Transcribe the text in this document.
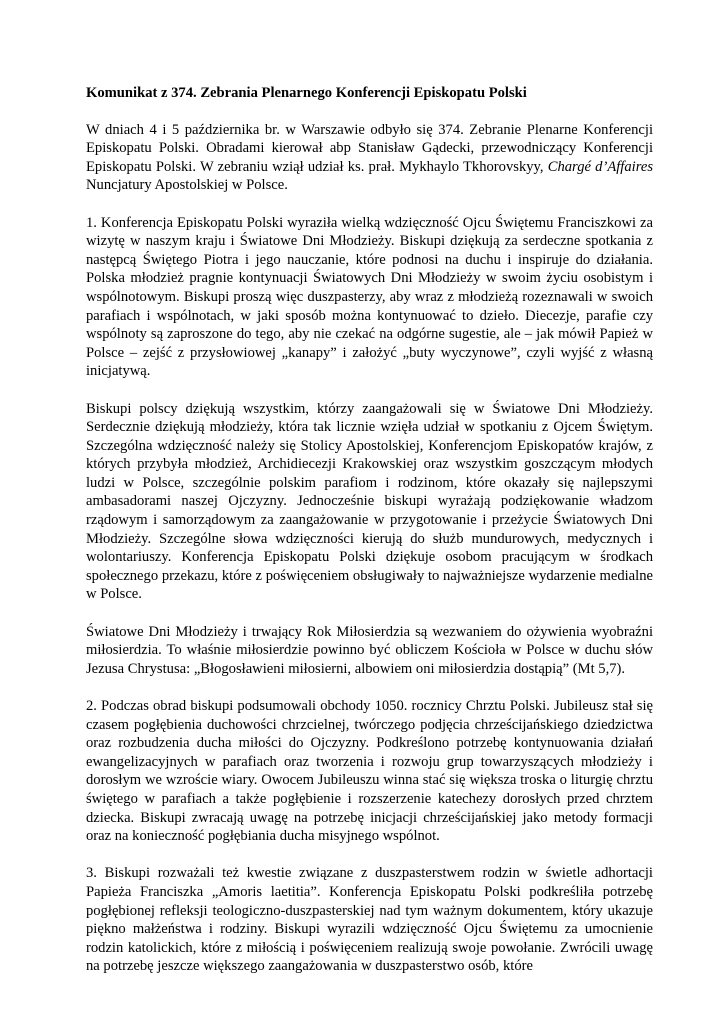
Komunikat z 374. Zebrania Plenarnego Konferencji Episkopatu Polski

W dniach 4 i 5 października br. w Warszawie odbyło się 374. Zebranie Plenarne Konferencji Episkopatu Polski. Obradami kierował abp Stanisław Gądecki, przewodniczący Konferencji Episkopatu Polski. W zebraniu wziął udział ks. prał. Mykhaylo Tkhorovskyy, Chargé d’Affaires Nuncjatury Apostolskiej w Polsce.

1. Konferencja Episkopatu Polski wyraziła wielką wdzięczność Ojcu Świętemu Franciszkowi za wizytę w naszym kraju i Światowe Dni Młodzieży. Biskupi dziękują za serdeczne spotkania z następcą Świętego Piotra i jego nauczanie, które podnosi na duchu i inspiruje do działania. Polska młodzież pragnie kontynuacji Światowych Dni Młodzieży w swoim życiu osobistym i wspólnotowym. Biskupi proszą więc duszpasterzy, aby wraz z młodzieżą rozeznawali w swoich parafiach i wspólnotach, w jaki sposób można kontynuować to dzieło. Diecezje, parafie czy wspólnoty są zaproszone do tego, aby nie czekać na odgórne sugestie, ale – jak mówił Papież w Polsce – zejść z przysłowiowej „kanapy” i założyć „buty wyczynowe”, czyli wyjść z własną inicjatywą.

Biskupi polscy dziękują wszystkim, którzy zaangażowali się w Światowe Dni Młodzieży. Serdecznie dziękują młodzieży, która tak licznie wzięła udział w spotkaniu z Ojcem Świętym. Szczególna wdzięczność należy się Stolicy Apostolskiej, Konferencjom Episkopatów krajów, z których przybyła młodzież, Archidiecezji Krakowskiej oraz wszystkim goszczącym młodych ludzi w Polsce, szczególnie polskim parafiom i rodzinom, które okazały się najlepszymi ambasadorami naszej Ojczyzny. Jednocześnie biskupi wyrażają podziękowanie władzom rządowym i samorządowym za zaangażowanie w przygotowanie i przeżycie Światowych Dni Młodzieży. Szczególne słowa wdzięczności kierują do służb mundurowych, medycznych i wolontariuszy. Konferencja Episkopatu Polski dziękuje osobom pracującym w środkach społecznego przekazu, które z poświęceniem obsługiwały to najważniejsze wydarzenie medialne w Polsce.

Światowe Dni Młodzieży i trwający Rok Miłosierdzia są wezwaniem do ożywienia wyobraźni miłosierdzia. To właśnie miłosierdzie powinno być obliczem Kościoła w Polsce w duchu słów Jezusa Chrystusa: „Błogosławieni miłosierni, albowiem oni miłosierdzia dostąpią” (Mt 5,7).

2. Podczas obrad biskupi podsumowali obchody 1050. rocznicy Chrztu Polski. Jubileusz stał się czasem pogłębienia duchowości chrzcielnej, twórczego podjęcia chrześcijańskiego dziedzictwa oraz rozbudzenia ducha miłości do Ojczyzny. Podkreślono potrzebę kontynuowania działań ewangelizacyjnych w parafiach oraz tworzenia i rozwoju grup towarzyszących młodzieży i dorosłym we wzroście wiary. Owocem Jubileuszu winna stać się większa troska o liturgię chrztu świętego w parafiach a także pogłębienie i rozszerzenie katechezy dorosłych przed chrztem dziecka. Biskupi zwracają uwagę na potrzebę inicjacji chrześcijańskiej jako metody formacji oraz na konieczność pogłębiania ducha misyjnego wspólnot.

3. Biskupi rozważali też kwestie związane z duszpasterstwem rodzin w świetle adhortacji Papieża Franciszka „Amoris laetitia”. Konferencja Episkopatu Polski podkreśliła potrzebę pogłębionej refleksji teologiczno-duszpasterskiej nad tym ważnym dokumentem, który ukazuje piękno małżeństwa i rodziny. Biskupi wyrazili wdzięczność Ojcu Świętemu za umocnienie rodzin katolickich, które z miłością i poświęceniem realizują swoje powołanie. Zwrócili uwagę na potrzebę jeszcze większego zaangażowania w duszpasterstwo osób, które
